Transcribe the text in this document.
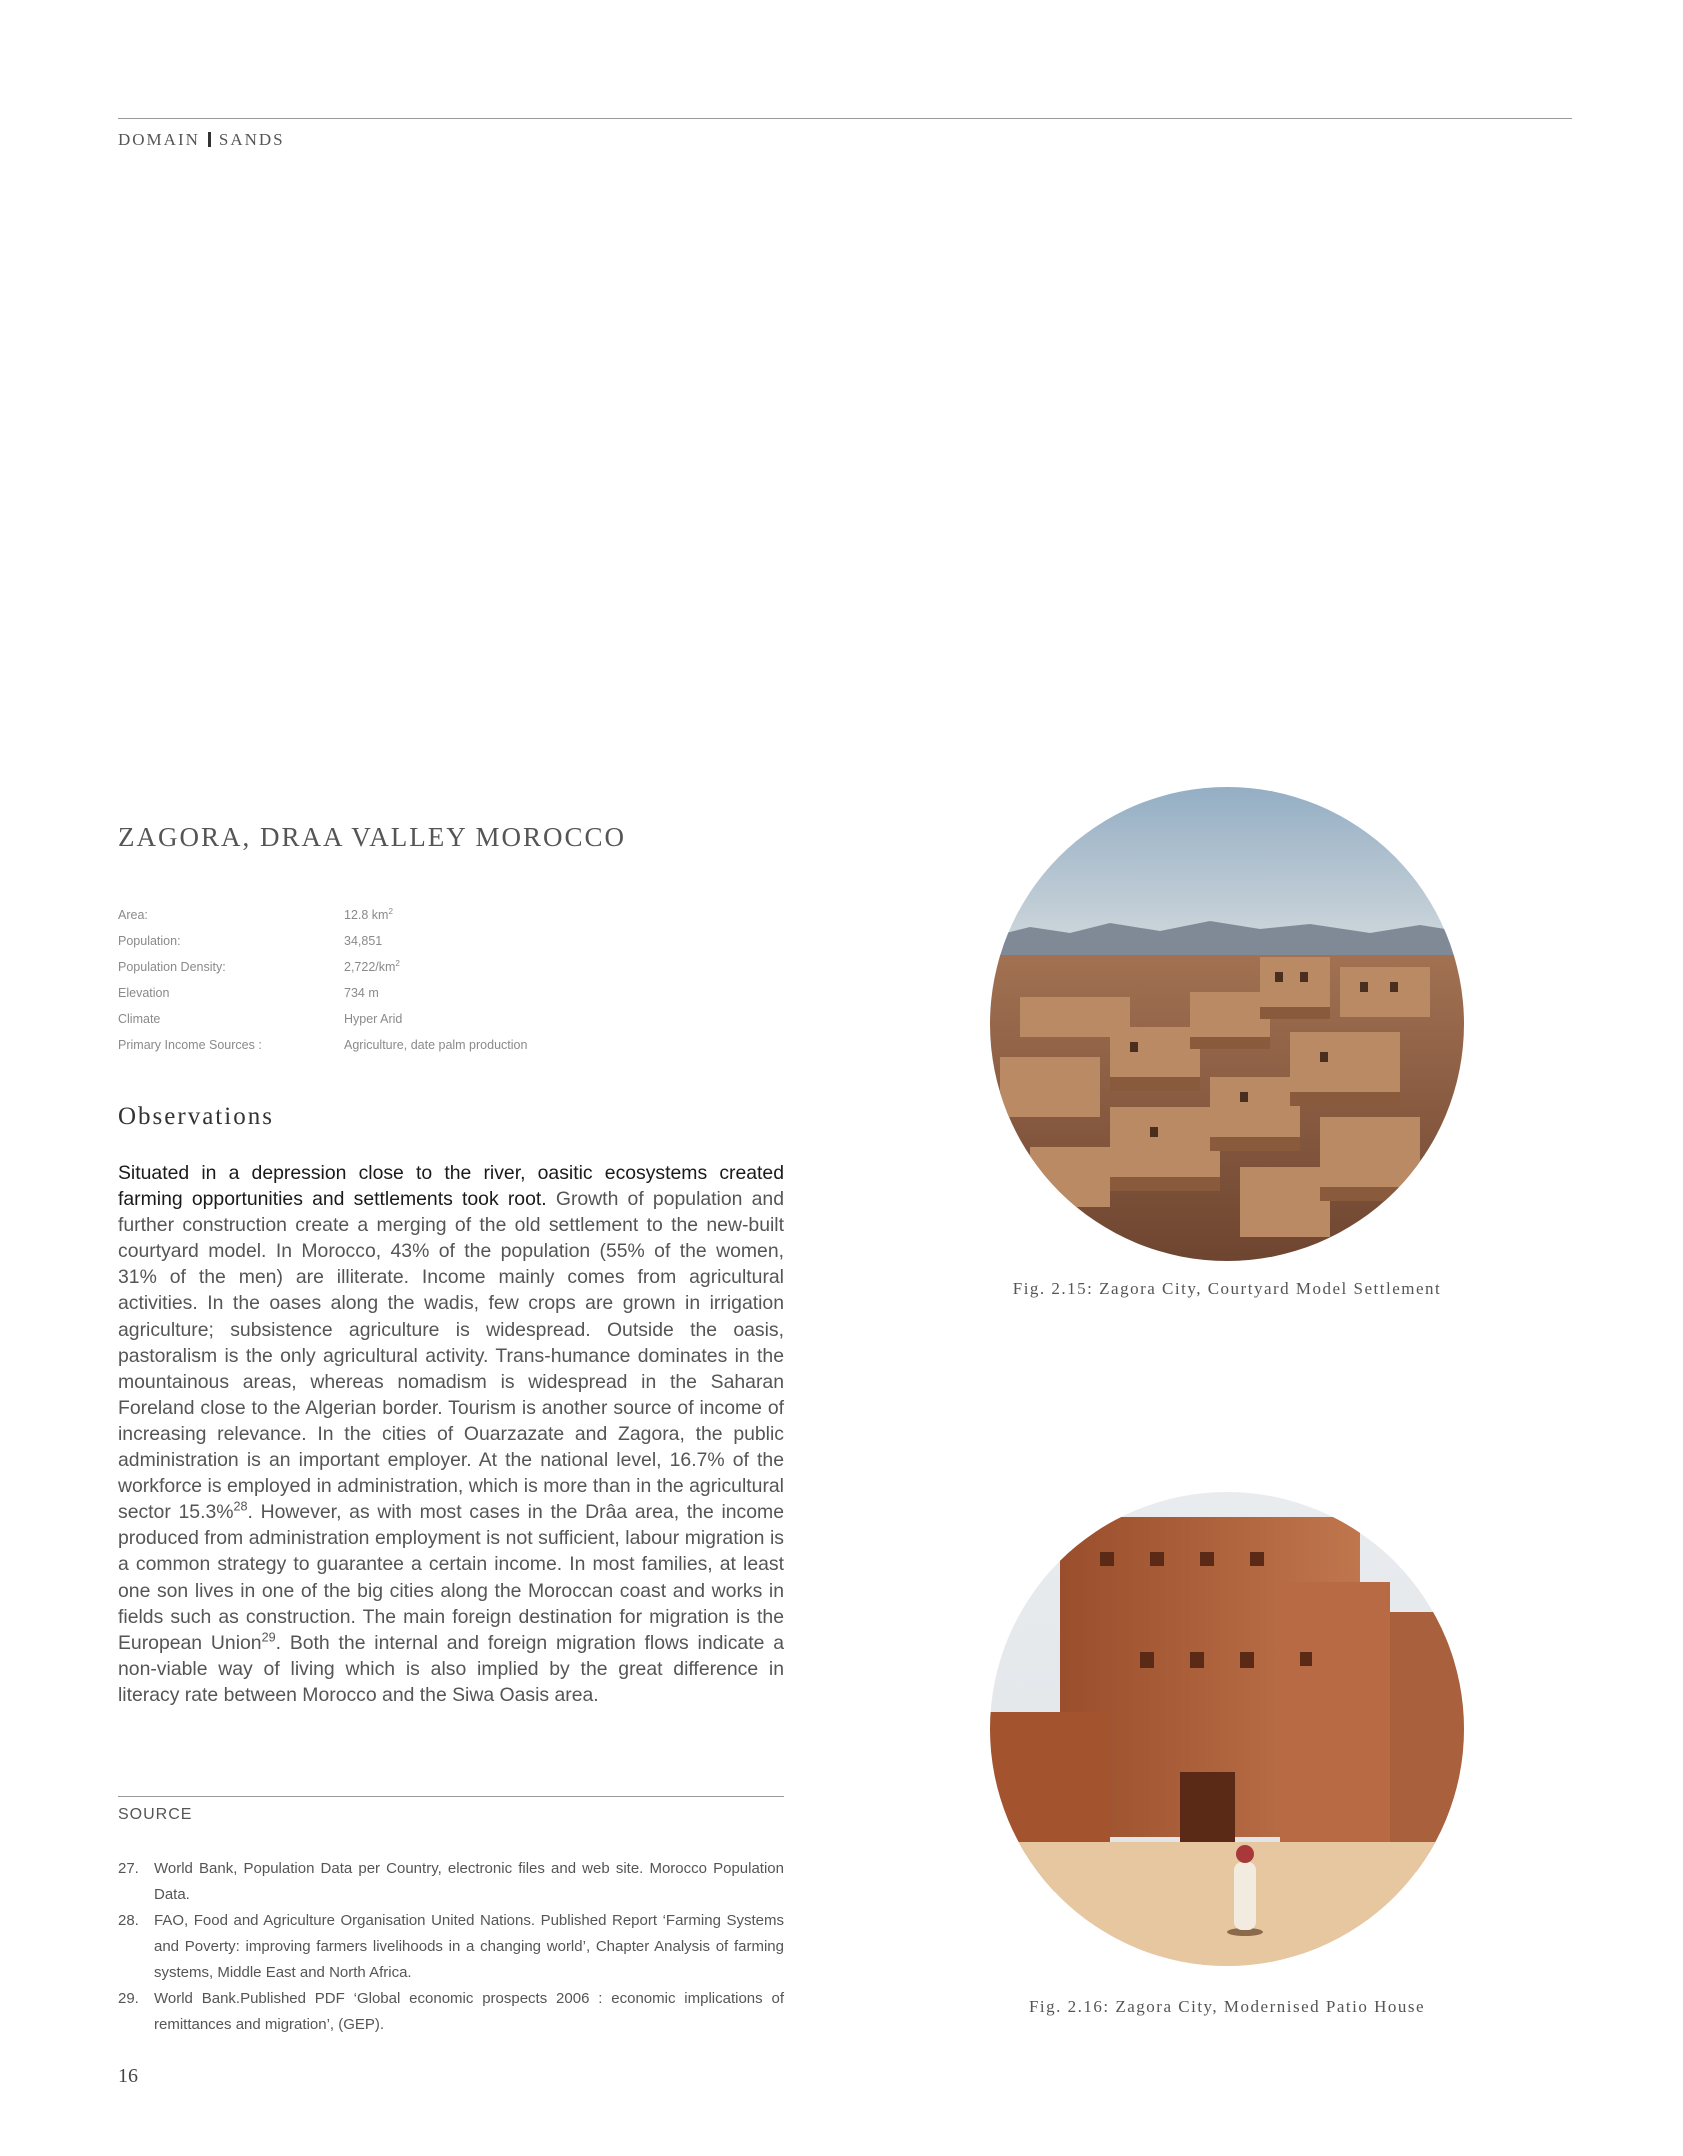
DOMAIN SANDS
ZAGORA, DRAA VALLEY MOROCCO
Area:	12.8 $km^2$
Population:	34,851
Population Density:	$2,722/km^2$
Elevation	734 m
Climate	Hyper Arid
Primary Income Sources :	Agriculture, date palm production
Observations
Situated in a depression close to the river, oasitic ecosystems created farming opportunities and settlements took root. Growth of population and further construction create a merging of the old settlement to the new-built courtyard model. In Morocco, 43% of the population (55% of the women, 31% of the men) are illiterate. Income mainly comes from agricultural activities. In the oases along the wadis, few crops are grown in irrigation agriculture; subsistence agriculture is widespread. Outside the oasis, pastoralism is the only agricultural activity. Trans-humance dominates in the mountainous areas, whereas nomadism is widespread in the Saharan Foreland close to the Algerian border. Tourism is another source of income of increasing relevance. In the cities of Ouarzazate and Zagora, the public administration is an important employer. At the national level, 16.7% of the workforce is employed in administration, which is more than in the agricultural sector 15.3%$^{28}$. However, as with most cases in the Drâa area, the income produced from administration employment is not sufficient, labour migration is a common strategy to guarantee a certain income. In most families, at least one son lives in one of the big cities along the Moroccan coast and works in fields such as construction. The main foreign destination for migration is the European Union$^{29}$. Both the internal and foreign migration flows indicate a non-viable way of living which is also implied by the great difference in literacy rate between Morocco and the Siwa Oasis area.
SOURCE
27.	World Bank, Population Data per Country, electronic files and web site. Morocco Population Data.
28.	FAO, Food and Agriculture Organisation United Nations. Published Report ‘Farming Systems and Poverty: improving farmers livelihoods in a changing world’, Chapter Analysis of farming systems, Middle East and North Africa.
29.	World Bank.Published PDF ‘Global economic prospects 2006 : economic implications of remittances and migration’, (GEP).
16
Fig. 2.15: Zagora City, Courtyard Model Settlement
Fig. 2.16: Zagora City, Modernised Patio House
